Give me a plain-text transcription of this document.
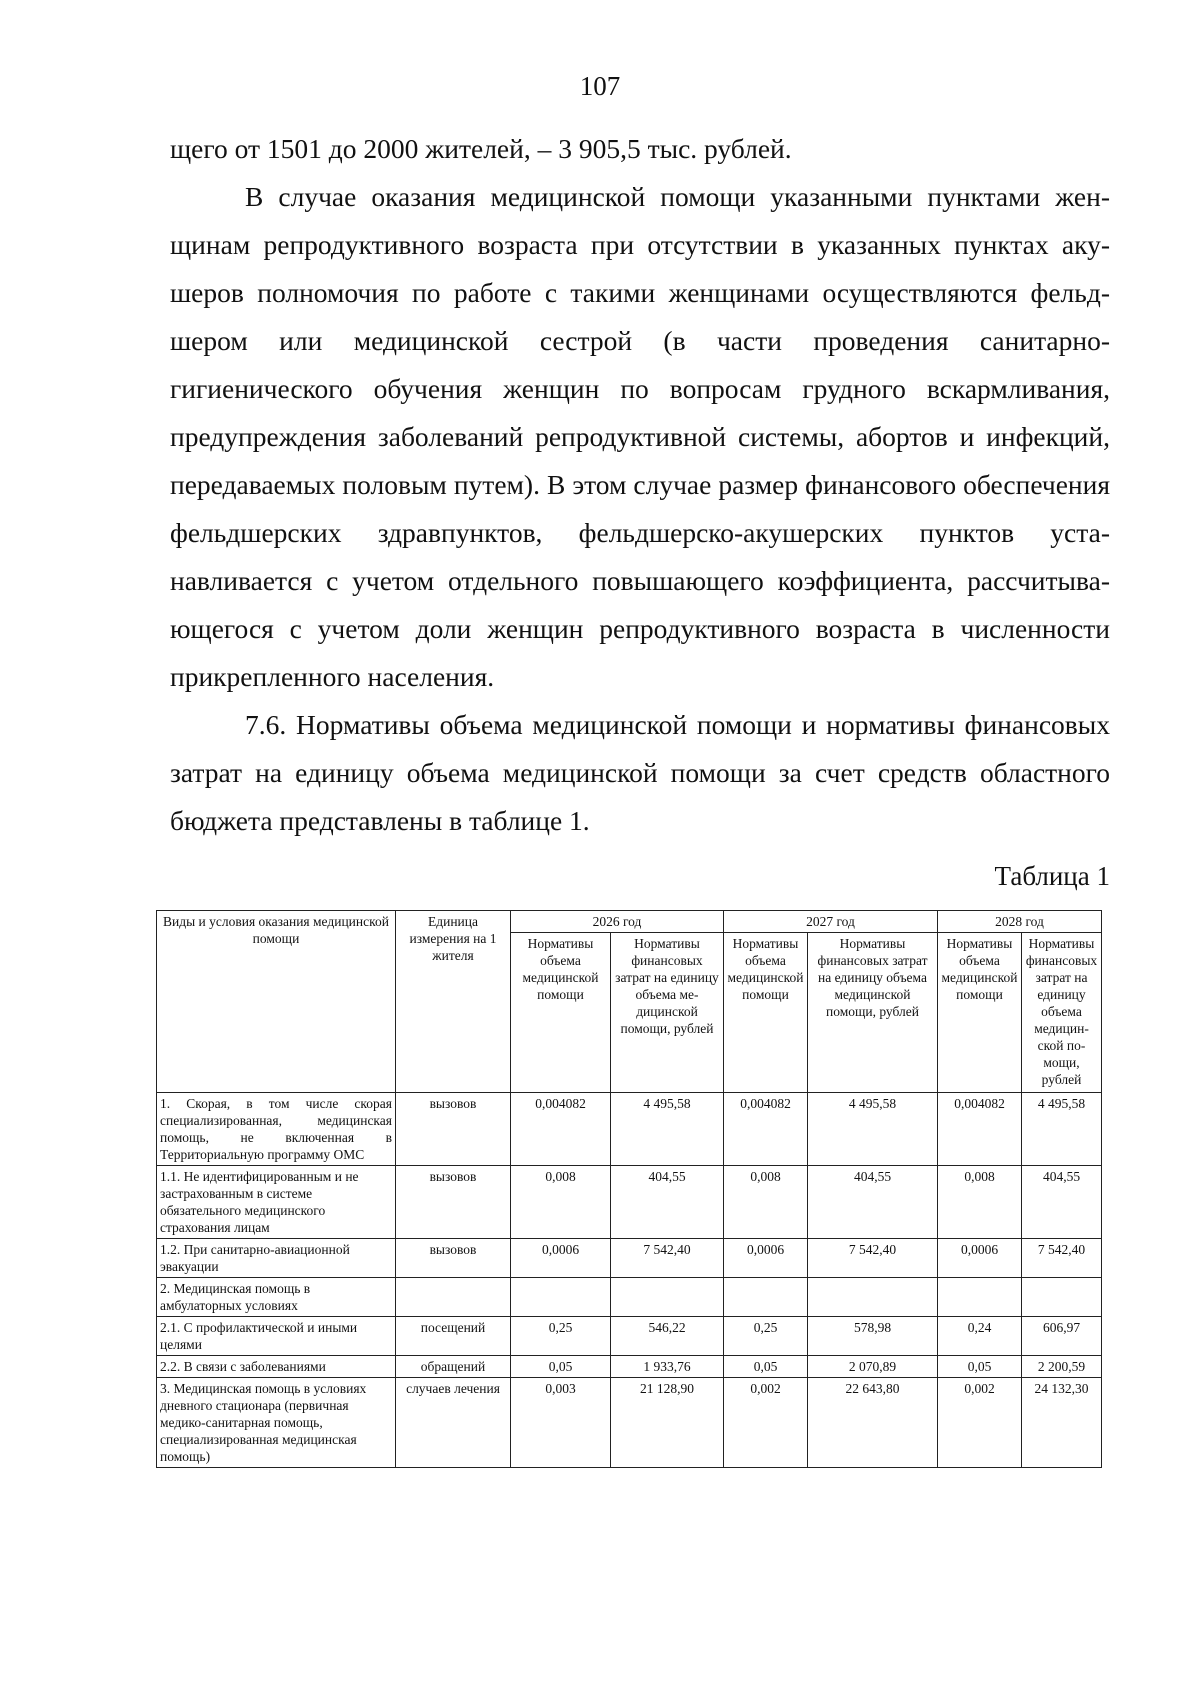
107

щего от 1501 до 2000 жителей, – 3 905,5 тыс. рублей.

В случае оказания медицинской помощи указанными пунктами женщинам репродуктивного возраста при отсутствии в указанных пунктах акушеров полномочия по работе с такими женщинами осуществляются фельдшером или медицинской сестрой (в части проведения санитарно-гигиенического обучения женщин по вопросам грудного вскармливания, предупреждения заболеваний репродуктивной системы, абортов и инфекций, передаваемых половым путем). В этом случае размер финансового обеспечения фельдшерских здравпунктов, фельдшерско-акушерских пунктов устанавливается с учетом отдельного повышающего коэффициента, рассчитывающегося с учетом доли женщин репродуктивного возраста в численности прикрепленного населения.

7.6. Нормативы объема медицинской помощи и нормативы финансовых затрат на единицу объема медицинской помощи за счет средств областного бюджета представлены в таблице 1.

Таблица 1
Виды и условия оказания медицинской помощи	Единица измерения на 1 жителя	2026 год		2027 год		2028 год	
		Нормативы объема медицинской помощи	Нормативы финансовых затрат на единицу объема медицинской помощи, рублей	Нормативы объема медицинской помощи	Нормативы финансовых затрат на единицу объема медицинской помощи, рублей	Нормативы объема медицинской помощи	Нормативы финансовых затрат на единицу объема медицинской помощи, рублей
1. Скорая, в том числе скорая специализированная, медицинская помощь, не включенная в Территориальную программу ОМС	вызовов	0,004082	4 495,58	0,004082	4 495,58	0,004082	4 495,58
1.1. Не идентифицированным и не застрахованным в системе обязательного медицинского страхования лицам	вызовов	0,008	404,55	0,008	404,55	0,008	404,55
1.2. При санитарно-авиационной эвакуации	вызовов	0,0006	7 542,40	0,0006	7 542,40	0,0006	7 542,40
2. Медицинская помощь в амбулаторных условиях							
2.1. С профилактической и иными целями	посещений	0,25	546,22	0,25	578,98	0,24	606,97
2.2. В связи с заболеваниями	обращений	0,05	1 933,76	0,05	2 070,89	0,05	2 200,59
3. Медицинская помощь в условиях дневного стационара (первичная медико-санитарная помощь, специализированная медицинская помощь)	случаев лечения	0,003	21 128,90	0,002	22 643,80	0,002	24 132,30
